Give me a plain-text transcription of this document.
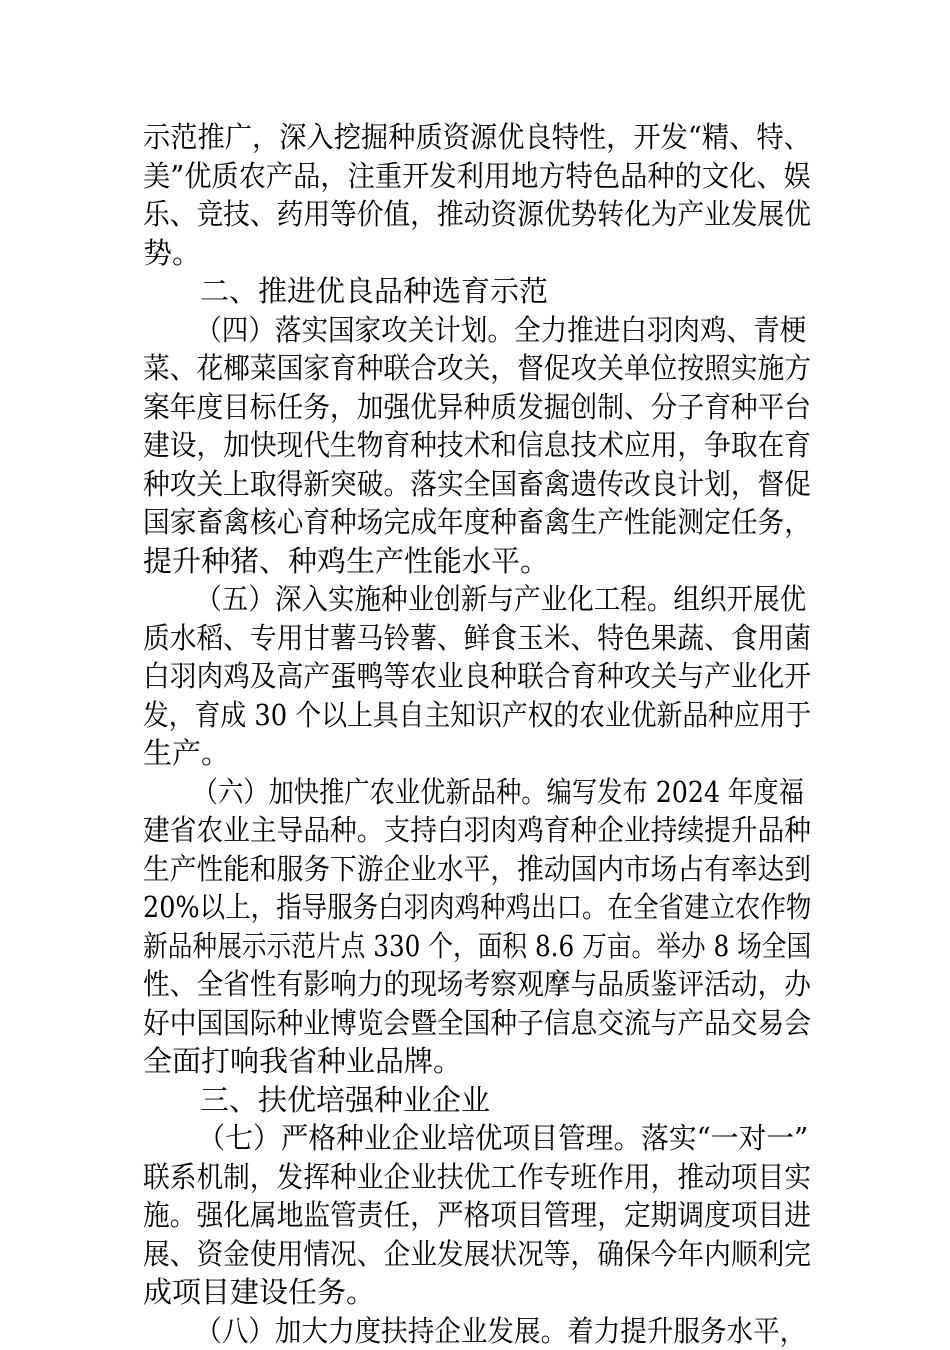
示范推广，深入挖掘种质资源优良特性，开发“精、特、
美”优质农产品，注重开发利用地方特色品种的文化、娱
乐、竞技、药用等价值，推动资源优势转化为产业发展优
势。
二、推进优良品种选育示范
（四）落实国家攻关计划。全力推进白羽肉鸡、青梗
菜、花椰菜国家育种联合攻关，督促攻关单位按照实施方
案年度目标任务，加强优异种质发掘创制、分子育种平台
建设，加快现代生物育种技术和信息技术应用，争取在育
种攻关上取得新突破。落实全国畜禽遗传改良计划，督促
国家畜禽核心育种场完成年度种畜禽生产性能测定任务，
提升种猪、种鸡生产性能水平。
（五）深入实施种业创新与产业化工程。组织开展优
质水稻、专用甘薯马铃薯、鲜食玉米、特色果蔬、食用菌
白羽肉鸡及高产蛋鸭等农业良种联合育种攻关与产业化开
发，育成 30 个以上具自主知识产权的农业优新品种应用于
生产。
（六）加快推广农业优新品种。编写发布 2024 年度福
建省农业主导品种。支持白羽肉鸡育种企业持续提升品种
生产性能和服务下游企业水平，推动国内市场占有率达到
20%以上，指导服务白羽肉鸡种鸡出口。在全省建立农作物
新品种展示示范片点 330 个，面积 8.6 万亩。举办 8 场全国
性、全省性有影响力的现场考察观摩与品质鉴评活动，办
好中国国际种业博览会暨全国种子信息交流与产品交易会
全面打响我省种业品牌。
三、扶优培强种业企业
（七）严格种业企业培优项目管理。落实“一对一”
联系机制，发挥种业企业扶优工作专班作用，推动项目实
施。强化属地监管责任，严格项目管理，定期调度项目进
展、资金使用情况、企业发展状况等，确保今年内顺利完
成项目建设任务。
（八）加大力度扶持企业发展。着力提升服务水平，
